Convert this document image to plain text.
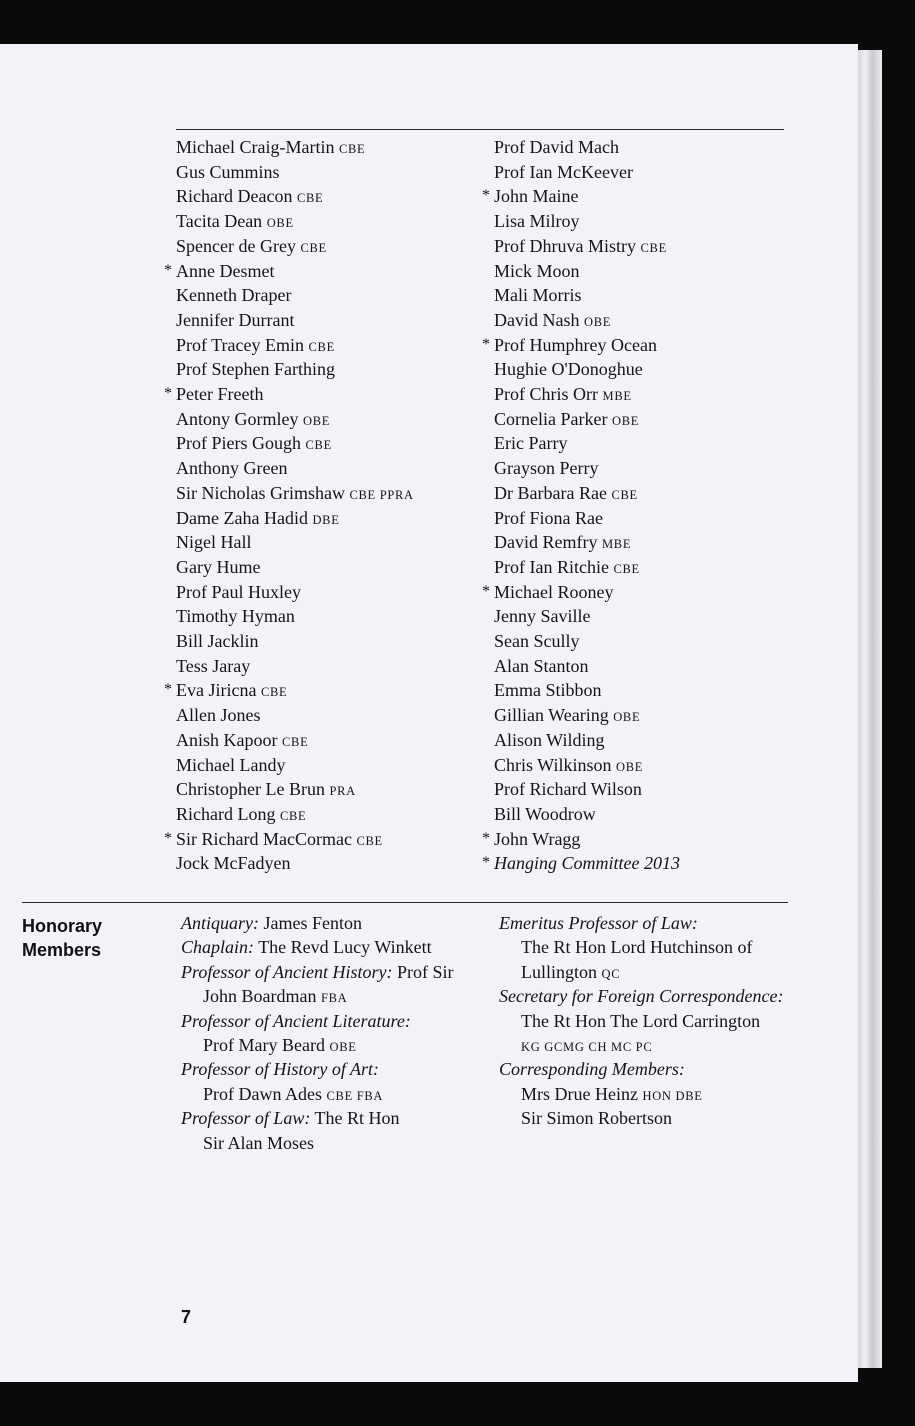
Michael Craig-Martin CBE
Gus Cummins
Richard Deacon CBE
Tacita Dean OBE
Spencer de Grey CBE
* Anne Desmet
Kenneth Draper
Jennifer Durrant
Prof Tracey Emin CBE
Prof Stephen Farthing
* Peter Freeth
Antony Gormley OBE
Prof Piers Gough CBE
Anthony Green
Sir Nicholas Grimshaw CBE PPRA
Dame Zaha Hadid DBE
Nigel Hall
Gary Hume
Prof Paul Huxley
Timothy Hyman
Bill Jacklin
Tess Jaray
* Eva Jiricna CBE
Allen Jones
Anish Kapoor CBE
Michael Landy
Christopher Le Brun PRA
Richard Long CBE
* Sir Richard MacCormac CBE
Jock McFadyen
Prof David Mach
Prof Ian McKeever
* John Maine
Lisa Milroy
Prof Dhruva Mistry CBE
Mick Moon
Mali Morris
David Nash OBE
* Prof Humphrey Ocean
Hughie O'Donoghue
Prof Chris Orr MBE
Cornelia Parker OBE
Eric Parry
Grayson Perry
Dr Barbara Rae CBE
Prof Fiona Rae
David Remfry MBE
Prof Ian Ritchie CBE
* Michael Rooney
Jenny Saville
Sean Scully
Alan Stanton
Emma Stibbon
Gillian Wearing OBE
Alison Wilding
Chris Wilkinson OBE
Prof Richard Wilson
Bill Woodrow
* John Wragg
* Hanging Committee 2013
Honorary
Members
Antiquary: James Fenton
Chaplain: The Revd Lucy Winkett
Professor of Ancient History: Prof Sir
John Boardman FBA
Professor of Ancient Literature:
Prof Mary Beard OBE
Professor of History of Art:
Prof Dawn Ades CBE FBA
Professor of Law: The Rt Hon
Sir Alan Moses
Emeritus Professor of Law:
The Rt Hon Lord Hutchinson of
Lullington QC
Secretary for Foreign Correspondence:
The Rt Hon The Lord Carrington
KG GCMG CH MC PC
Corresponding Members:
Mrs Drue Heinz HON DBE
Sir Simon Robertson
7
